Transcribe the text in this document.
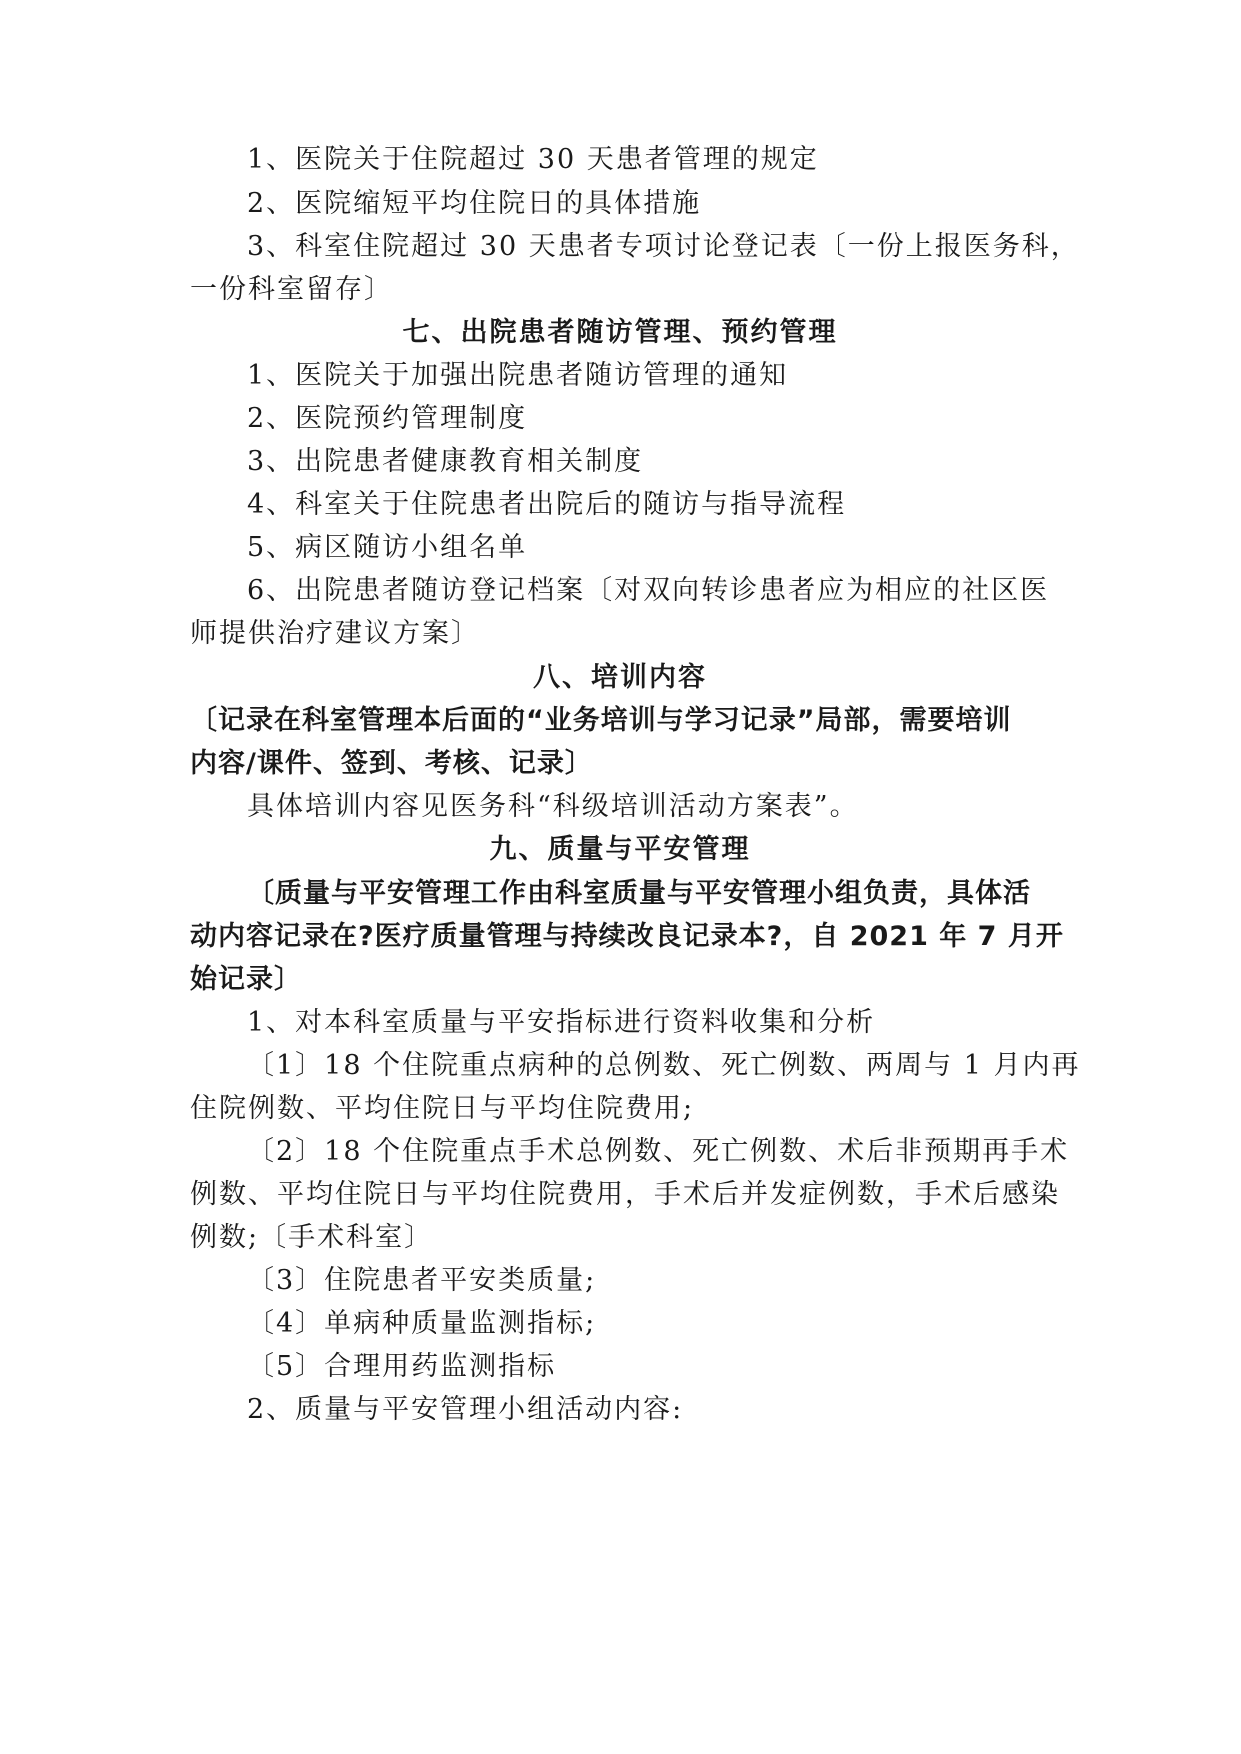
1、医院关于住院超过 30 天患者管理的规定
2、医院缩短平均住院日的具体措施
3、科室住院超过 30 天患者专项讨论登记表〔一份上报医务科，
一份科室留存〕
七、出院患者随访管理、预约管理
1、医院关于加强出院患者随访管理的通知
2、医院预约管理制度
3、出院患者健康教育相关制度
4、科室关于住院患者出院后的随访与指导流程
5、病区随访小组名单
6、出院患者随访登记档案〔对双向转诊患者应为相应的社区医
师提供治疗建议方案〕
八、培训内容
〔记录在科室管理本后面的“业务培训与学习记录”局部，需要培训
内容/课件、签到、考核、记录〕
具体培训内容见医务科“科级培训活动方案表”。
九、质量与平安管理
〔质量与平安管理工作由科室质量与平安管理小组负责，具体活
动内容记录在?医疗质量管理与持续改良记录本?，自 2021 年 7 月开
始记录〕
1、对本科室质量与平安指标进行资料收集和分析
〔1〕18 个住院重点病种的总例数、死亡例数、两周与 1 月内再
住院例数、平均住院日与平均住院费用;
〔2〕18 个住院重点手术总例数、死亡例数、术后非预期再手术
例数、平均住院日与平均住院费用，手术后并发症例数，手术后感染
例数;〔手术科室〕
〔3〕住院患者平安类质量;
〔4〕单病种质量监测指标;
〔5〕合理用药监测指标
2、质量与平安管理小组活动内容:
